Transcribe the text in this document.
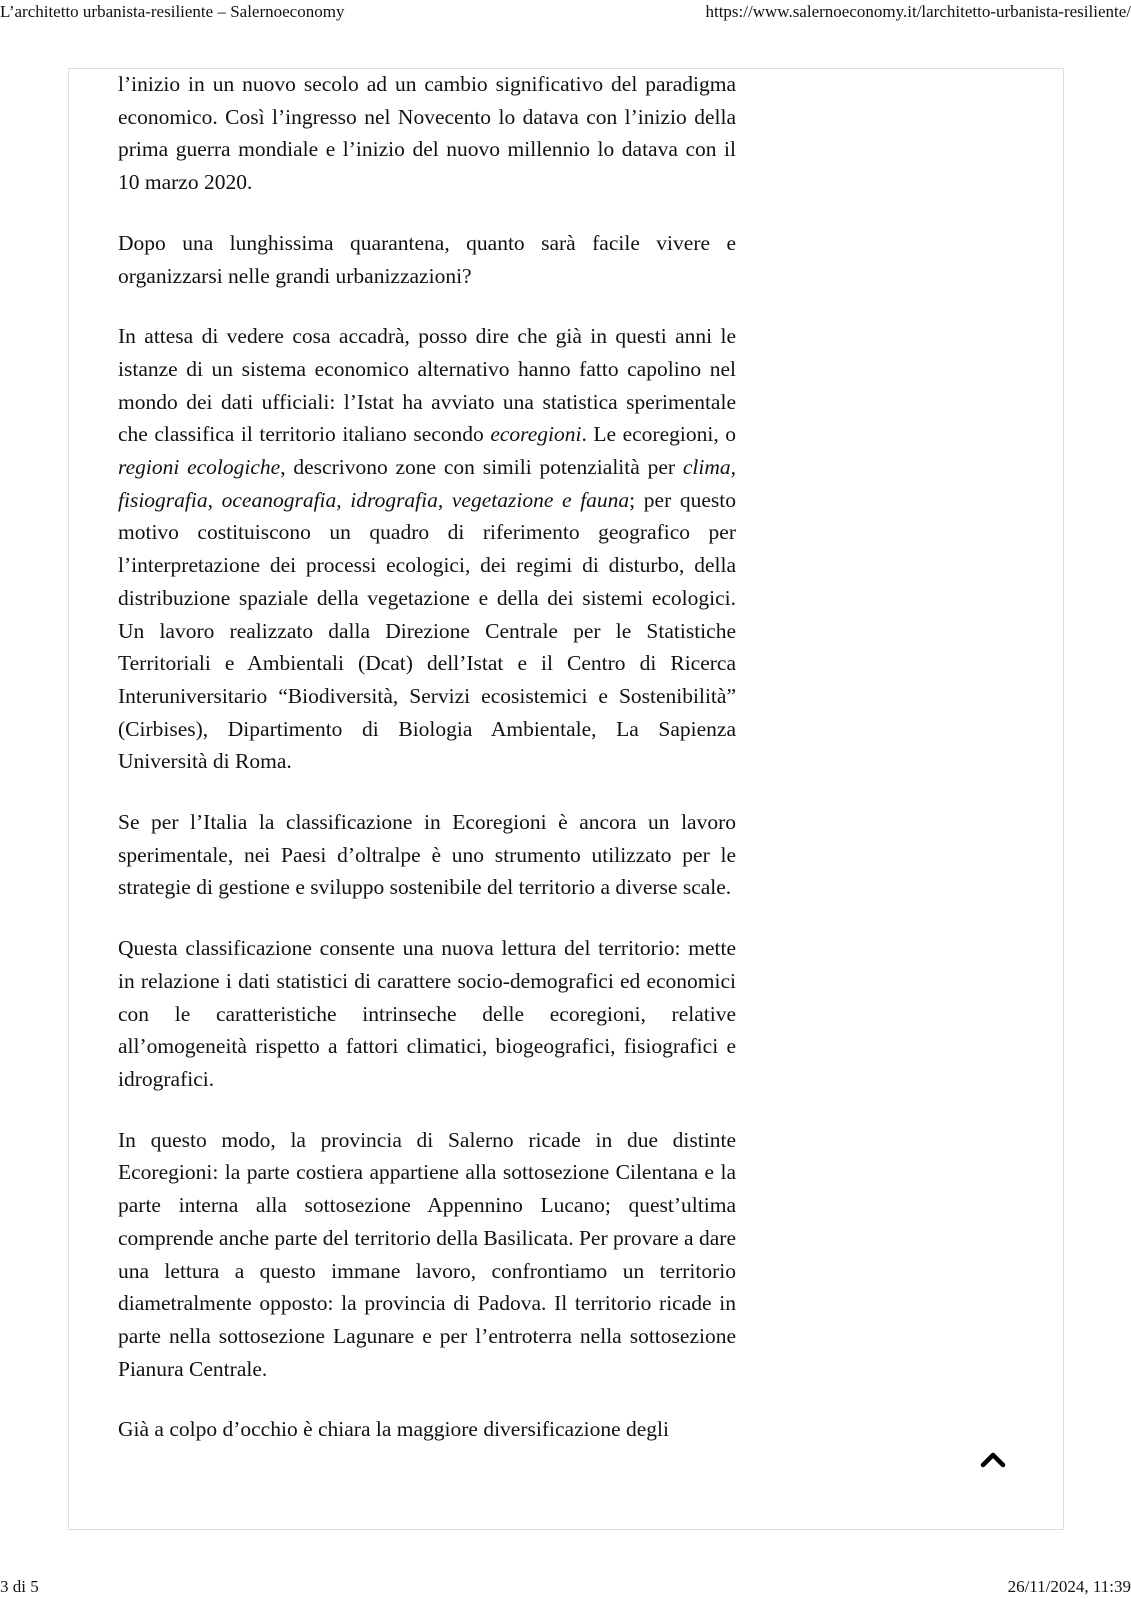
L’architetto urbanista-resiliente – Salernoeconomy	https://www.salernoeconomy.it/larchitetto-urbanista-resiliente/

l’inizio in un nuovo secolo ad un cambio significativo del paradigma economico. Così l’ingresso nel Novecento lo datava con l’inizio della prima guerra mondiale e l’inizio del nuovo millennio lo datava con il 10 marzo 2020.

Dopo una lunghissima quarantena, quanto sarà facile vivere e organizzarsi nelle grandi urbanizzazioni?

In attesa di vedere cosa accadrà, posso dire che già in questi anni le istanze di un sistema economico alternativo hanno fatto capolino nel mondo dei dati ufficiali: l’Istat ha avviato una statistica sperimentale che classifica il territorio italiano secondo ecoregioni. Le ecoregioni, o regioni ecologiche, descrivono zone con simili potenzialità per clima, fisiografia, oceanografia, idrografia, vegetazione e fauna; per questo motivo costituiscono un quadro di riferimento geografico per l’interpretazione dei processi ecologici, dei regimi di disturbo, della distribuzione spaziale della vegetazione e della dei sistemi ecologici. Un lavoro realizzato dalla Direzione Centrale per le Statistiche Territoriali e Ambientali (Dcat) dell’Istat e il Centro di Ricerca Interuniversitario “Biodiversità, Servizi ecosistemici e Sostenibilità” (Cirbises), Dipartimento di Biologia Ambientale, La Sapienza Università di Roma.

Se per l’Italia la classificazione in Ecoregioni è ancora un lavoro sperimentale, nei Paesi d’oltralpe è uno strumento utilizzato per le strategie di gestione e sviluppo sostenibile del territorio a diverse scale.

Questa classificazione consente una nuova lettura del territorio: mette in relazione i dati statistici di carattere socio-demografici ed economici con le caratteristiche intrinseche delle ecoregioni, relative all’omogeneità rispetto a fattori climatici, biogeografici, fisiografici e idrografici.

In questo modo, la provincia di Salerno ricade in due distinte Ecoregioni: la parte costiera appartiene alla sottosezione Cilentana e la parte interna alla sottosezione Appennino Lucano; quest’ultima comprende anche parte del territorio della Basilicata. Per provare a dare una lettura a questo immane lavoro, confrontiamo un territorio diametralmente opposto: la provincia di Padova. Il territorio ricade in parte nella sottosezione Lagunare e per l’entroterra nella sottosezione Pianura Centrale.

Già a colpo d’occhio è chiara la maggiore diversificazione degli

3 di 5	26/11/2024, 11:39
